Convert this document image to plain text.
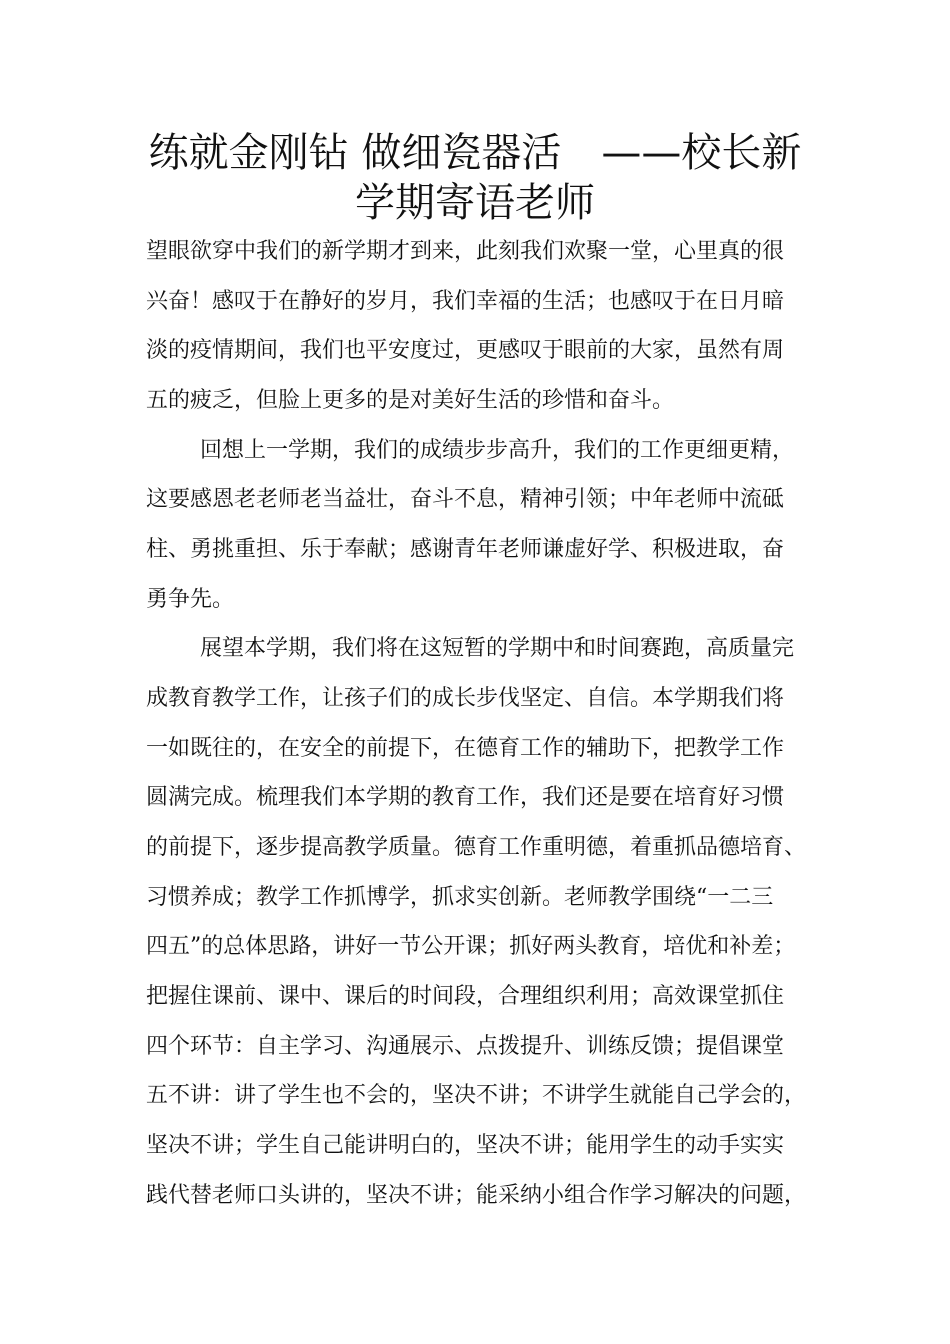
练就金刚钻 做细瓷器活　——校长新
学期寄语老师

望眼欲穿中我们的新学期才到来，此刻我们欢聚一堂，心里真的很

兴奋！感叹于在静好的岁月，我们幸福的生活；也感叹于在日月暗

淡的疫情期间，我们也平安度过，更感叹于眼前的大家，虽然有周

五的疲乏，但脸上更多的是对美好生活的珍惜和奋斗。

回想上一学期，我们的成绩步步高升，我们的工作更细更精，

这要感恩老老师老当益壮，奋斗不息，精神引领；中年老师中流砥

柱、勇挑重担、乐于奉献；感谢青年老师谦虚好学、积极进取，奋

勇争先。

展望本学期，我们将在这短暂的学期中和时间赛跑，高质量完

成教育教学工作，让孩子们的成长步伐坚定、自信。本学期我们将

一如既往的，在安全的前提下，在德育工作的辅助下，把教学工作

圆满完成。梳理我们本学期的教育工作，我们还是要在培育好习惯

的前提下，逐步提高教学质量。德育工作重明德，着重抓品德培育、

习惯养成；教学工作抓博学，抓求实创新。老师教学围绕“一二三

四五”的总体思路，讲好一节公开课；抓好两头教育，培优和补差；

把握住课前、课中、课后的时间段，合理组织利用；高效课堂抓住

四个环节：自主学习、沟通展示、点拨提升、训练反馈；提倡课堂

五不讲：讲了学生也不会的，坚决不讲；不讲学生就能自己学会的，

坚决不讲；学生自己能讲明白的，坚决不讲；能用学生的动手实实

践代替老师口头讲的，坚决不讲；能采纳小组合作学习解决的问题，
